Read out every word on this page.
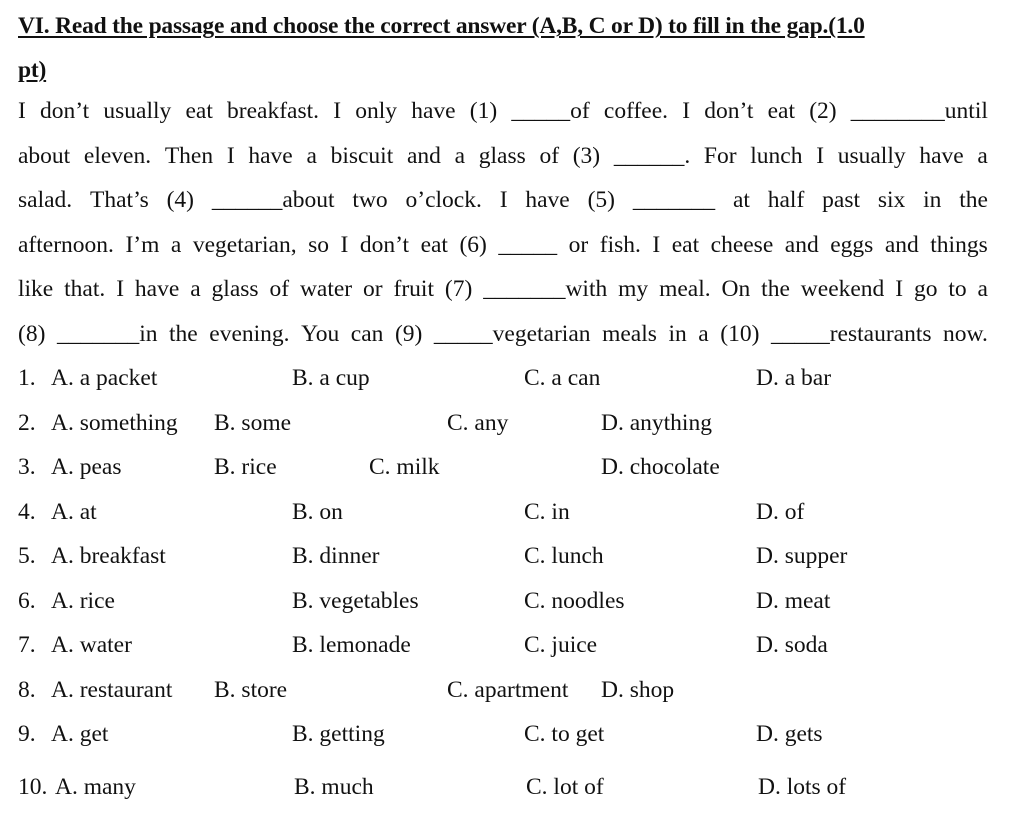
VI. Read the passage and choose the correct answer (A,B, C or D) to fill in the gap.(1.0
pt)
I don’t usually eat breakfast. I only have (1) _____of coffee. I don’t eat (2) ________until
about eleven. Then I have a biscuit and a glass of (3) ______. For lunch I usually have a
salad. That’s (4) ______about two o’clock. I have (5) _______ at half past six in the
afternoon. I’m a vegetarian, so I don’t eat (6) _____ or fish. I eat cheese and eggs and things
like that. I have a glass of water or fruit (7) _______with my meal. On the weekend I go to a
(8) _______in the evening. You can (9) _____vegetarian meals in a (10) _____restaurants now.
1. A. a packet	B. a cup	C. a can	D. a bar
2. A. something B. some	C. any	D. anything
3. A. peas	B. rice	C. milk	D. chocolate
4. A. at	B. on	C. in	D. of
5. A. breakfast	B. dinner	C. lunch	D. supper
6. A. rice	B. vegetables	C. noodles	D. meat
7. A. water	B. lemonade	C. juice	D. soda
8. A. restaurant B. store	C. apartment D. shop
9. A. get	B. getting	C. to get	D. gets
10. A. many	B. much	C. lot of	D. lots of
